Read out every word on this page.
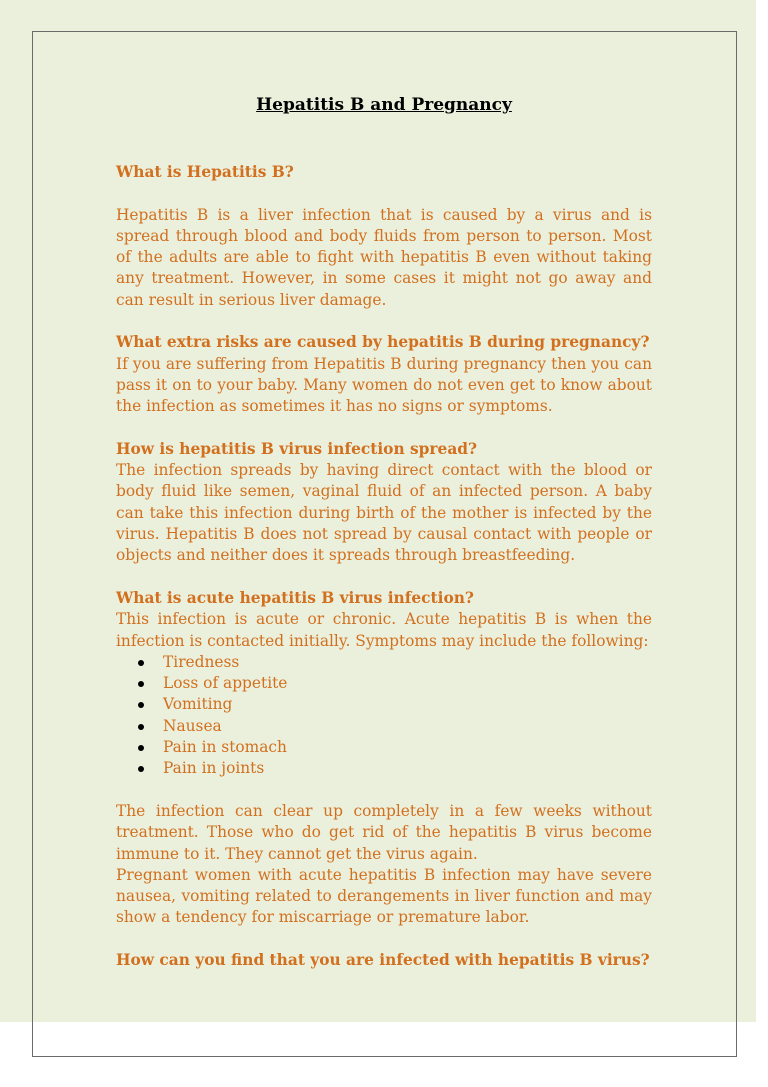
Hepatitis B and Pregnancy

What is Hepatitis B?

Hepatitis B is a liver infection that is caused by a virus and is spread through blood and body fluids from person to person. Most of the adults are able to fight with hepatitis B even without taking any treatment. However, in some cases it might not go away and can result in serious liver damage.

What extra risks are caused by hepatitis B during pregnancy?

If you are suffering from Hepatitis B during pregnancy then you can pass it on to your baby. Many women do not even get to know about the infection as sometimes it has no signs or symptoms.

How is hepatitis B virus infection spread?

The infection spreads by having direct contact with the blood or body fluid like semen, vaginal fluid of an infected person. A baby can take this infection during birth of the mother is infected by the virus. Hepatitis B does not spread by causal contact with people or objects and neither does it spreads through breastfeeding.

What is acute hepatitis B virus infection?

This infection is acute or chronic. Acute hepatitis B is when the infection is contacted initially. Symptoms may include the following:

Tiredness
Loss of appetite
Vomiting
Nausea
Pain in stomach
Pain in joints

The infection can clear up completely in a few weeks without treatment. Those who do get rid of the hepatitis B virus become immune to it. They cannot get the virus again.

Pregnant women with acute hepatitis B infection may have severe nausea, vomiting related to derangements in liver function and may show a tendency for miscarriage or premature labor.

How can you find that you are infected with hepatitis B virus?
